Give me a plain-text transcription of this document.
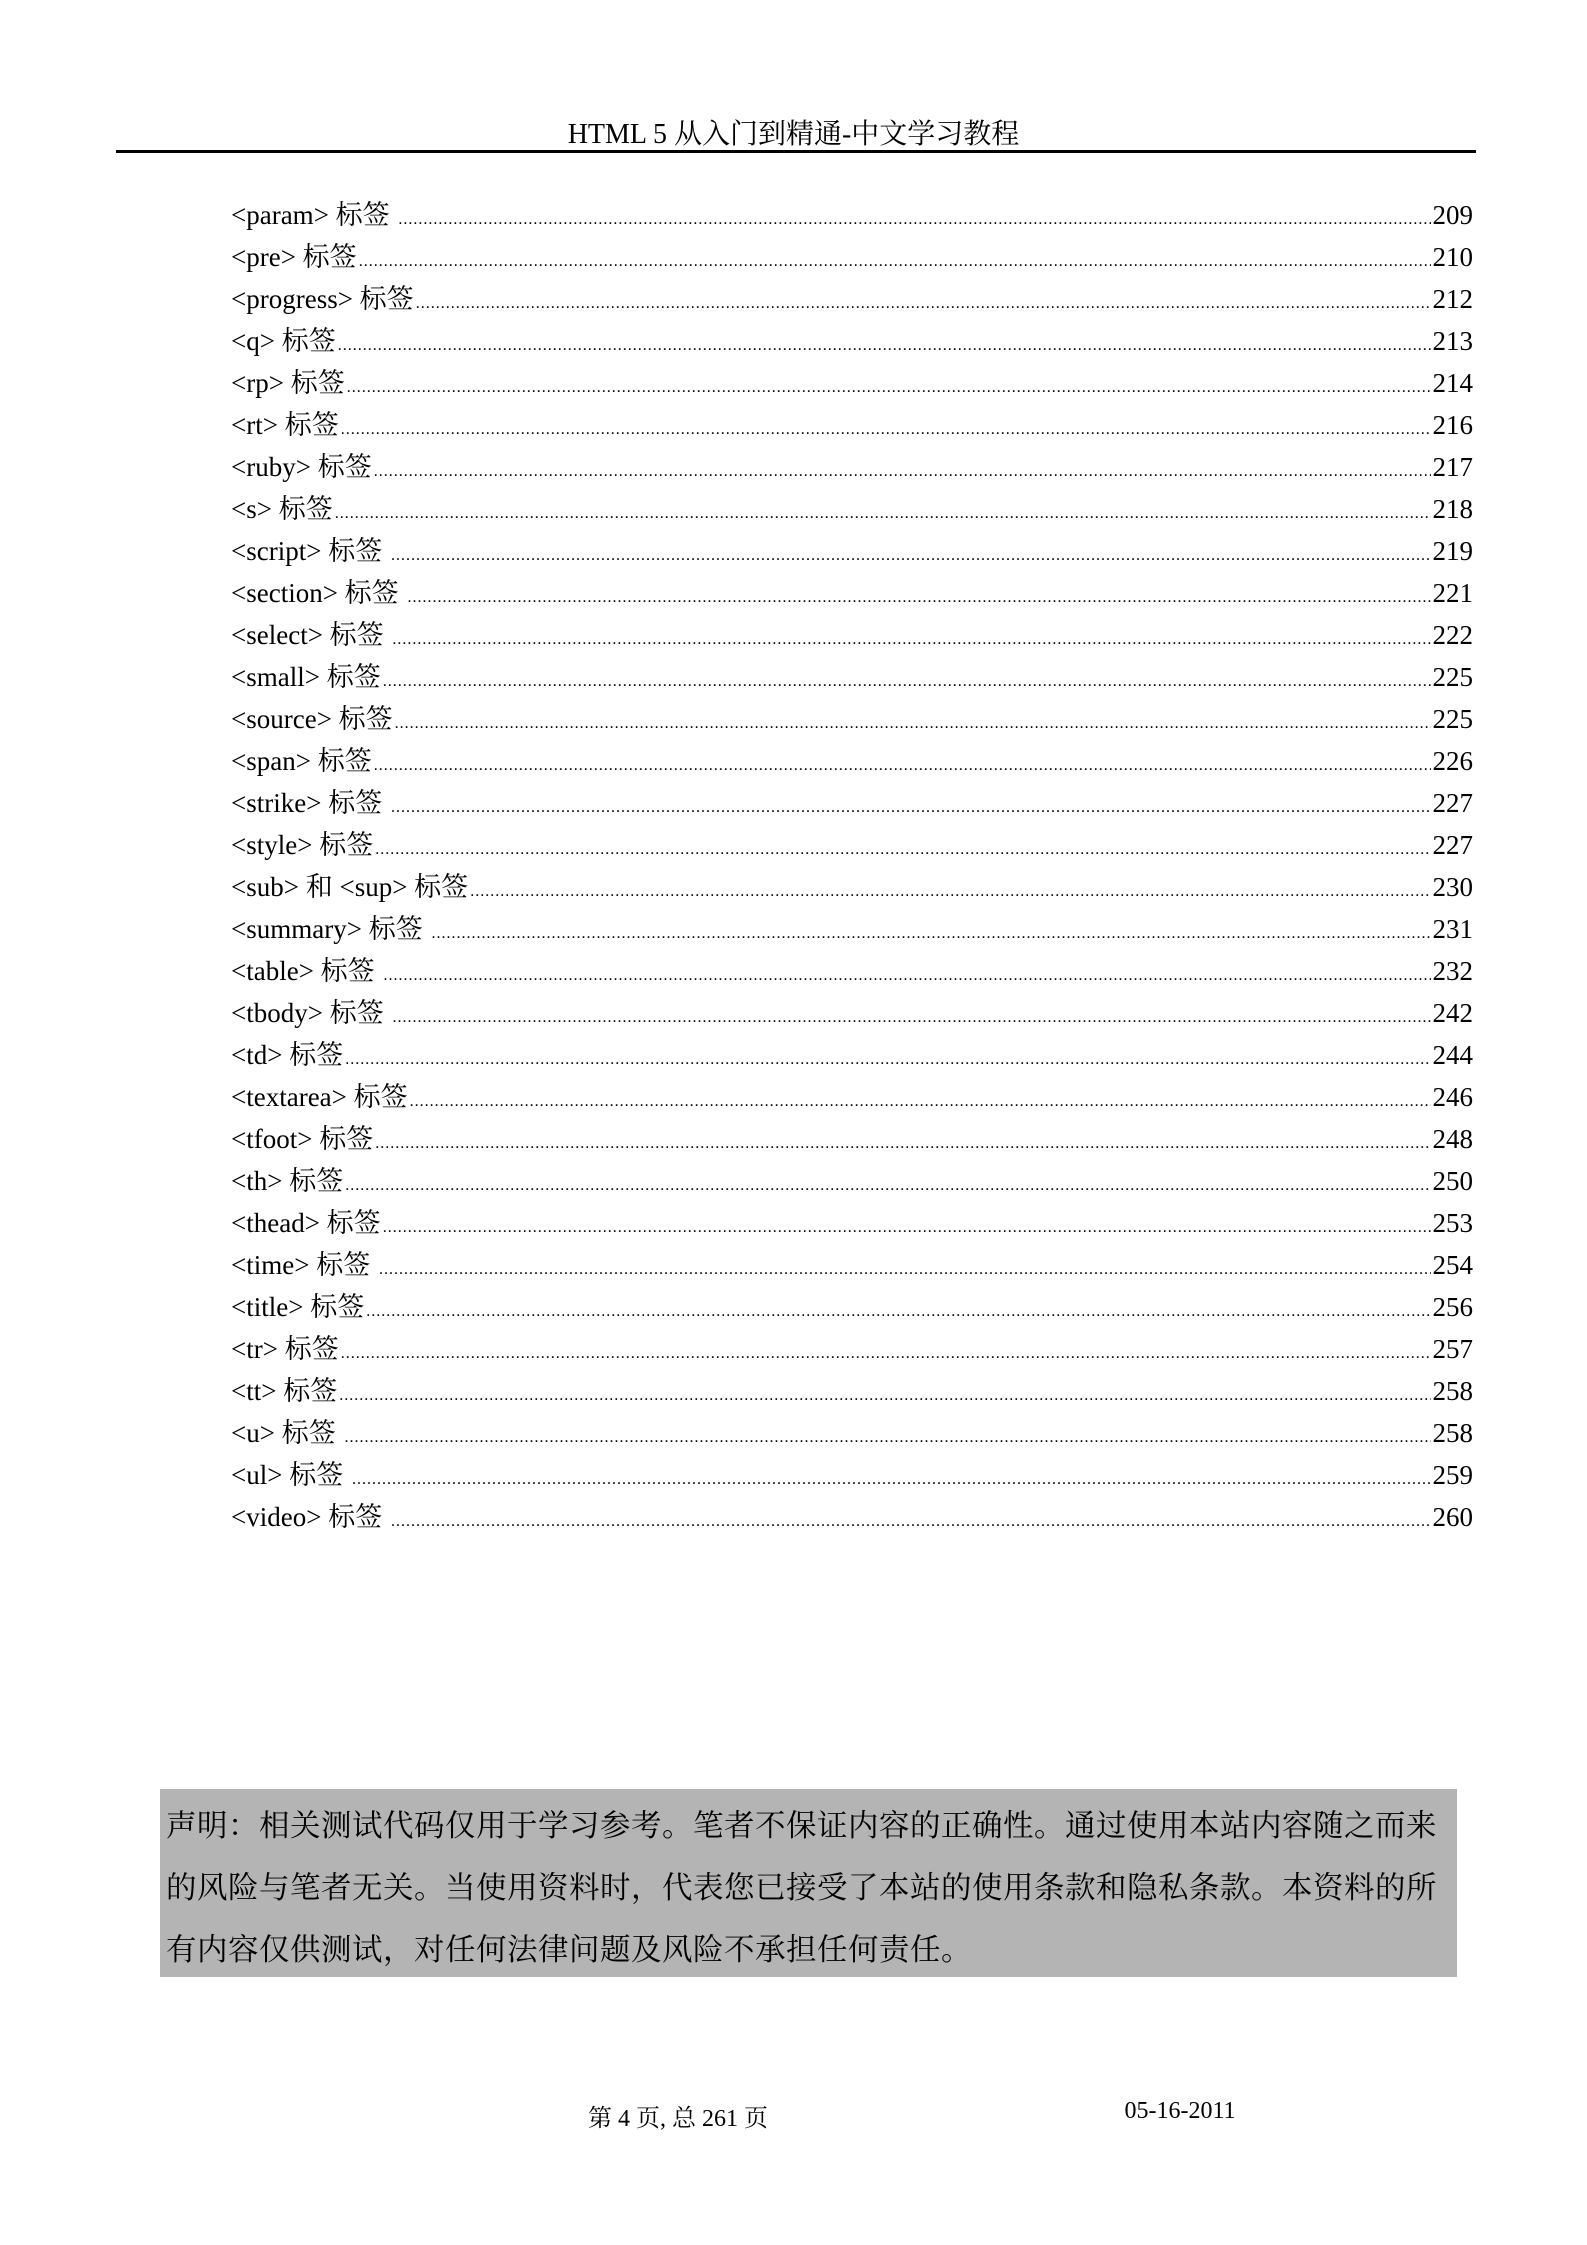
HTML 5 从入门到精通-中文学习教程
<param> 标签 .....	209
<pre> 标签 .....	210
<progress> 标签 .....	212
<q> 标签 .....	213
<rp> 标签 .....	214
<rt> 标签 .....	216
<ruby> 标签 .....	217
<s> 标签 .....	218
<script> 标签 .....	219
<section> 标签 .....	221
<select> 标签 .....	222
<small> 标签 .....	225
<source> 标签 .....	225
<span> 标签 .....	226
<strike> 标签 .....	227
<style> 标签 .....	227
<sub> 和 <sup> 标签 .....	230
<summary> 标签 .....	231
<table> 标签 .....	232
<tbody> 标签 .....	242
<td> 标签 .....	244
<textarea> 标签 .....	246
<tfoot> 标签 .....	248
<th> 标签 .....	250
<thead> 标签 .....	253
<time> 标签 .....	254
<title> 标签 .....	256
<tr> 标签 .....	257
<tt> 标签 .....	258
<u> 标签 .....	258
<ul> 标签 .....	259
<video> 标签 .....	260

声明：相关测试代码仅用于学习参考。笔者不保证内容的正确性。通过使用本站内容随之而来的风险与笔者无关。当使用资料时，代表您已接受了本站的使用条款和隐私条款。本资料的所有内容仅供测试，对任何法律问题及风险不承担任何责任。

第 4 页, 总 261 页	05-16-2011
